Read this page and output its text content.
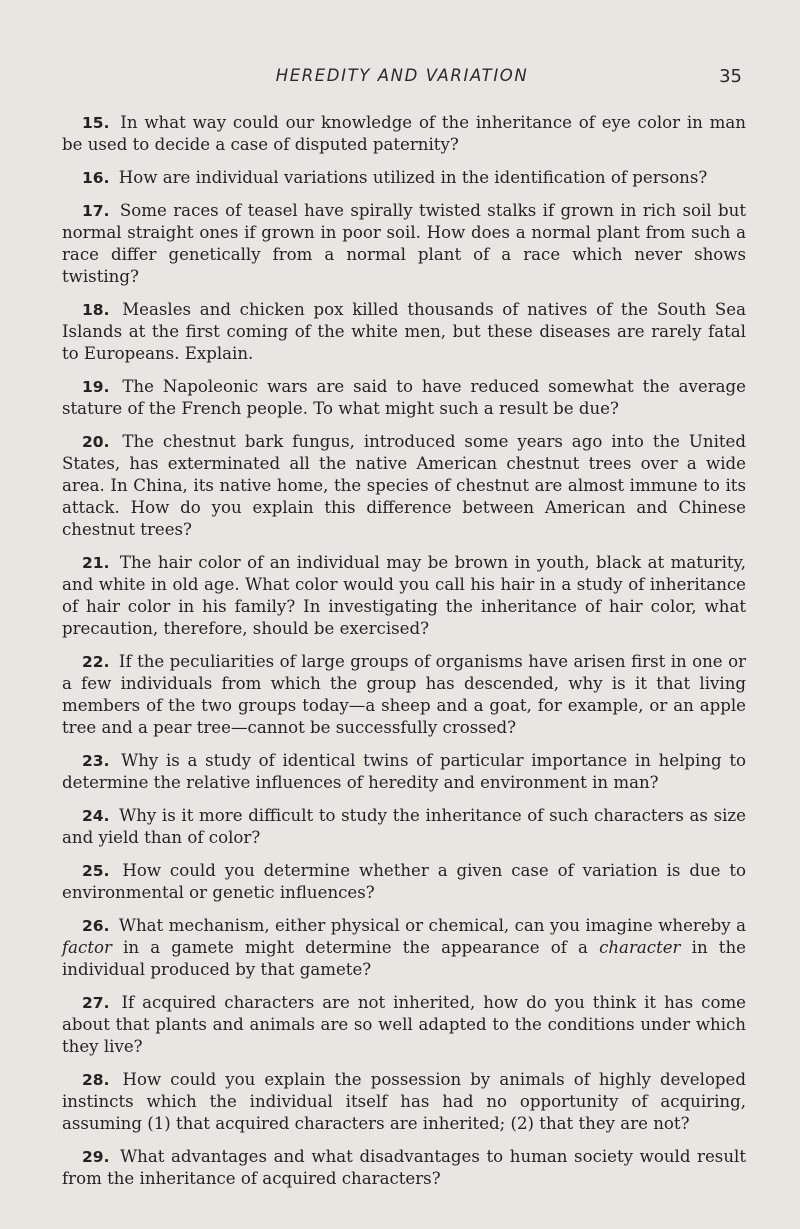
HEREDITY AND VARIATION	35

15. In what way could our knowledge of the inheritance of eye color in man be used to decide a case of disputed paternity?

16. How are individual variations utilized in the identification of persons?

17. Some races of teasel have spirally twisted stalks if grown in rich soil but normal straight ones if grown in poor soil. How does a normal plant from such a race differ genetically from a normal plant of a race which never shows twisting?

18. Measles and chicken pox killed thousands of natives of the South Sea Islands at the first coming of the white men, but these diseases are rarely fatal to Europeans. Explain.

19. The Napoleonic wars are said to have reduced somewhat the average stature of the French people. To what might such a result be due?

20. The chestnut bark fungus, introduced some years ago into the United States, has exterminated all the native American chestnut trees over a wide area. In China, its native home, the species of chestnut are almost immune to its attack. How do you explain this difference between American and Chinese chestnut trees?

21. The hair color of an individual may be brown in youth, black at maturity, and white in old age. What color would you call his hair in a study of inheritance of hair color in his family? In investigating the inheritance of hair color, what precaution, therefore, should be exercised?

22. If the peculiarities of large groups of organisms have arisen first in one or a few individuals from which the group has descended, why is it that living members of the two groups today—a sheep and a goat, for example, or an apple tree and a pear tree—cannot be successfully crossed?

23. Why is a study of identical twins of particular importance in helping to determine the relative influences of heredity and environment in man?

24. Why is it more difficult to study the inheritance of such characters as size and yield than of color?

25. How could you determine whether a given case of variation is due to environmental or genetic influences?

26. What mechanism, either physical or chemical, can you imagine whereby a factor in a gamete might determine the appearance of a character in the individual produced by that gamete?

27. If acquired characters are not inherited, how do you think it has come about that plants and animals are so well adapted to the conditions under which they live?

28. How could you explain the possession by animals of highly developed instincts which the individual itself has had no opportunity of acquiring, assuming (1) that acquired characters are inherited; (2) that they are not?

29. What advantages and what disadvantages to human society would result from the inheritance of acquired characters?
